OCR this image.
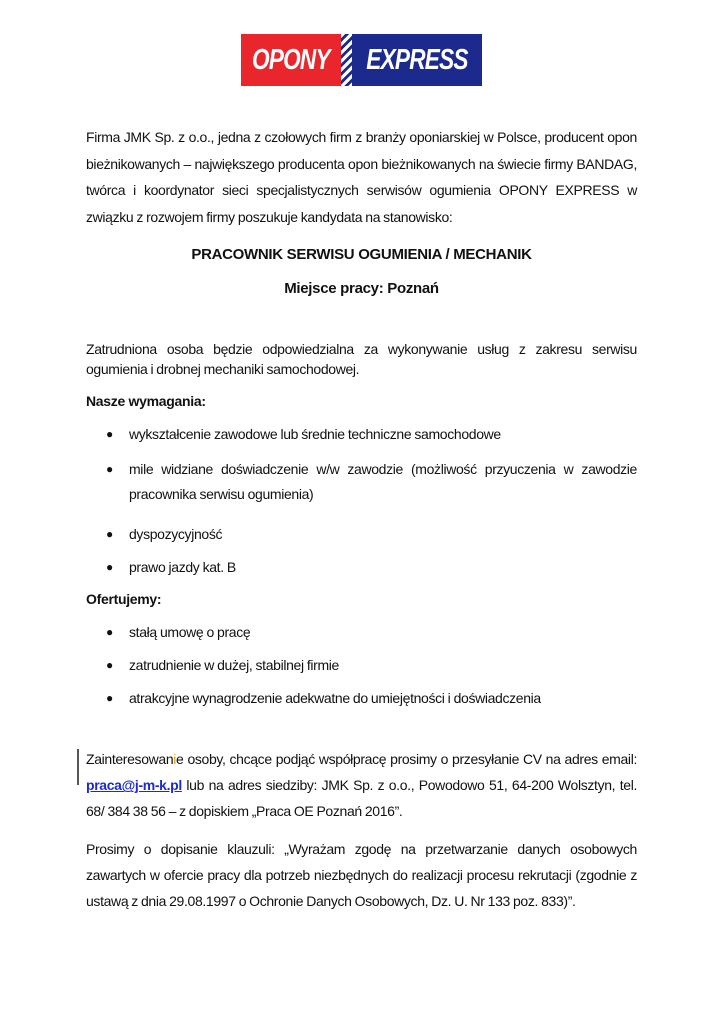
OPONY EXPRESS

Firma JMK Sp. z o.o., jedna z czołowych firm z branży oponiarskiej w Polsce, producent opon bieżnikowanych – największego producenta opon bieżnikowanych na świecie firmy BANDAG, twórca i koordynator sieci specjalistycznych serwisów ogumienia OPONY EXPRESS w związku z rozwojem firmy poszukuje kandydata na stanowisko:

PRACOWNIK SERWISU OGUMIENIA / MECHANIK

Miejsce pracy: Poznań

Zatrudniona osoba będzie odpowiedzialna za wykonywanie usług z zakresu serwisu ogumienia i drobnej mechaniki samochodowej.

Nasze wymagania:

● wykształcenie zawodowe lub średnie techniczne samochodowe
● mile widziane doświadczenie w/w zawodzie (możliwość przyuczenia w zawodzie pracownika serwisu ogumienia)
● dyspozycyjność
● prawo jazdy kat. B

Ofertujemy:

● stałą umowę o pracę
● zatrudnienie w dużej, stabilnej firmie
● atrakcyjne wynagrodzenie adekwatne do umiejętności i doświadczenia

Zainteresowanie osoby, chcące podjąć współpracę prosimy o przesyłanie CV na adres email: praca@j-m-k.pl lub na adres siedziby: JMK Sp. z o.o., Powodowo 51, 64-200 Wolsztyn, tel. 68/ 384 38 56 – z dopiskiem „Praca OE Poznań 2016”.

Prosimy o dopisanie klauzuli: „Wyrażam zgodę na przetwarzanie danych osobowych zawartych w ofercie pracy dla potrzeb niezbędnych do realizacji procesu rekrutacji (zgodnie z ustawą z dnia 29.08.1997 o Ochronie Danych Osobowych, Dz. U. Nr 133 poz. 833)”.
